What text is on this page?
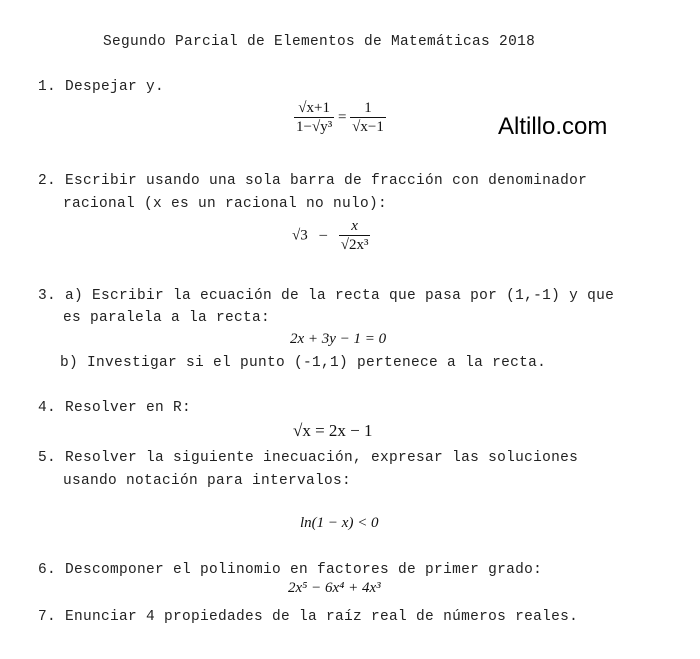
Segundo Parcial de Elementos de Matemáticas 2018
Altillo.com
1. Despejar y.
$\frac{√x+1}{\text{1−√y³}} = \frac{1}{√x-1}$
2. Escribir usando una sola barra de fracción con denominador
racional (x es un racional no nulo):
$√3 - \frac{x}{\text{√2x³}}$
3. a) Escribir la ecuación de la recta que pasa por (1,-1) y que
es paralela a la recta:
2x + 3y − 1 = 0
b) Investigar si el punto (-1,1) pertenece a la recta.
4. Resolver en R:
√x = 2x − 1
5. Resolver la siguiente inecuación, expresar las soluciones
usando notación para intervalos:
ln(1 − x) < 0
6. Descomponer el polinomio en factores de primer grado:
2x⁵ − 6x⁴ + 4x³
7. Enunciar 4 propiedades de la raíz real de números reales.
